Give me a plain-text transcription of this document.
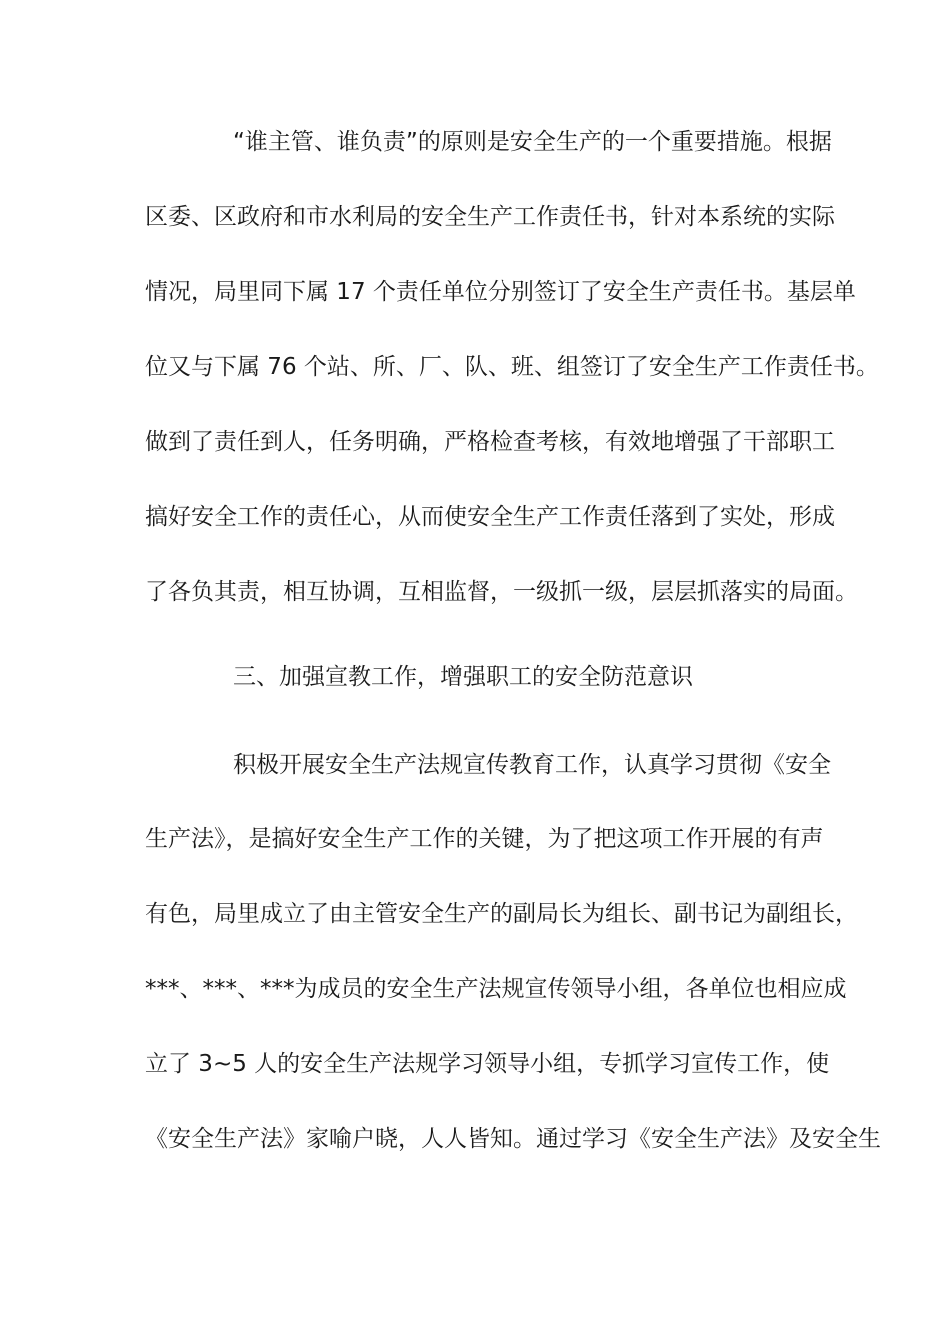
“谁主管、谁负责”的原则是安全生产的一个重要措施。根据
区委、区政府和市水利局的安全生产工作责任书，针对本系统的实际
情况，局里同下属 17 个责任单位分别签订了安全生产责任书。基层单
位又与下属 76 个站、所、厂、队、班、组签订了安全生产工作责任书。
做到了责任到人，任务明确，严格检查考核，有效地增强了干部职工
搞好安全工作的责任心，从而使安全生产工作责任落到了实处，形成
了各负其责，相互协调，互相监督，一级抓一级，层层抓落实的局面。
三、加强宣教工作，增强职工的安全防范意识
积极开展安全生产法规宣传教育工作，认真学习贯彻《安全
生产法》，是搞好安全生产工作的关键，为了把这项工作开展的有声
有色，局里成立了由主管安全生产的副局长为组长、副书记为副组长，
***、***、***为成员的安全生产法规宣传领导小组，各单位也相应成
立了 3~5 人的安全生产法规学习领导小组，专抓学习宣传工作，使
《安全生产法》家喻户晓，人人皆知。通过学习《安全生产法》及安全生
